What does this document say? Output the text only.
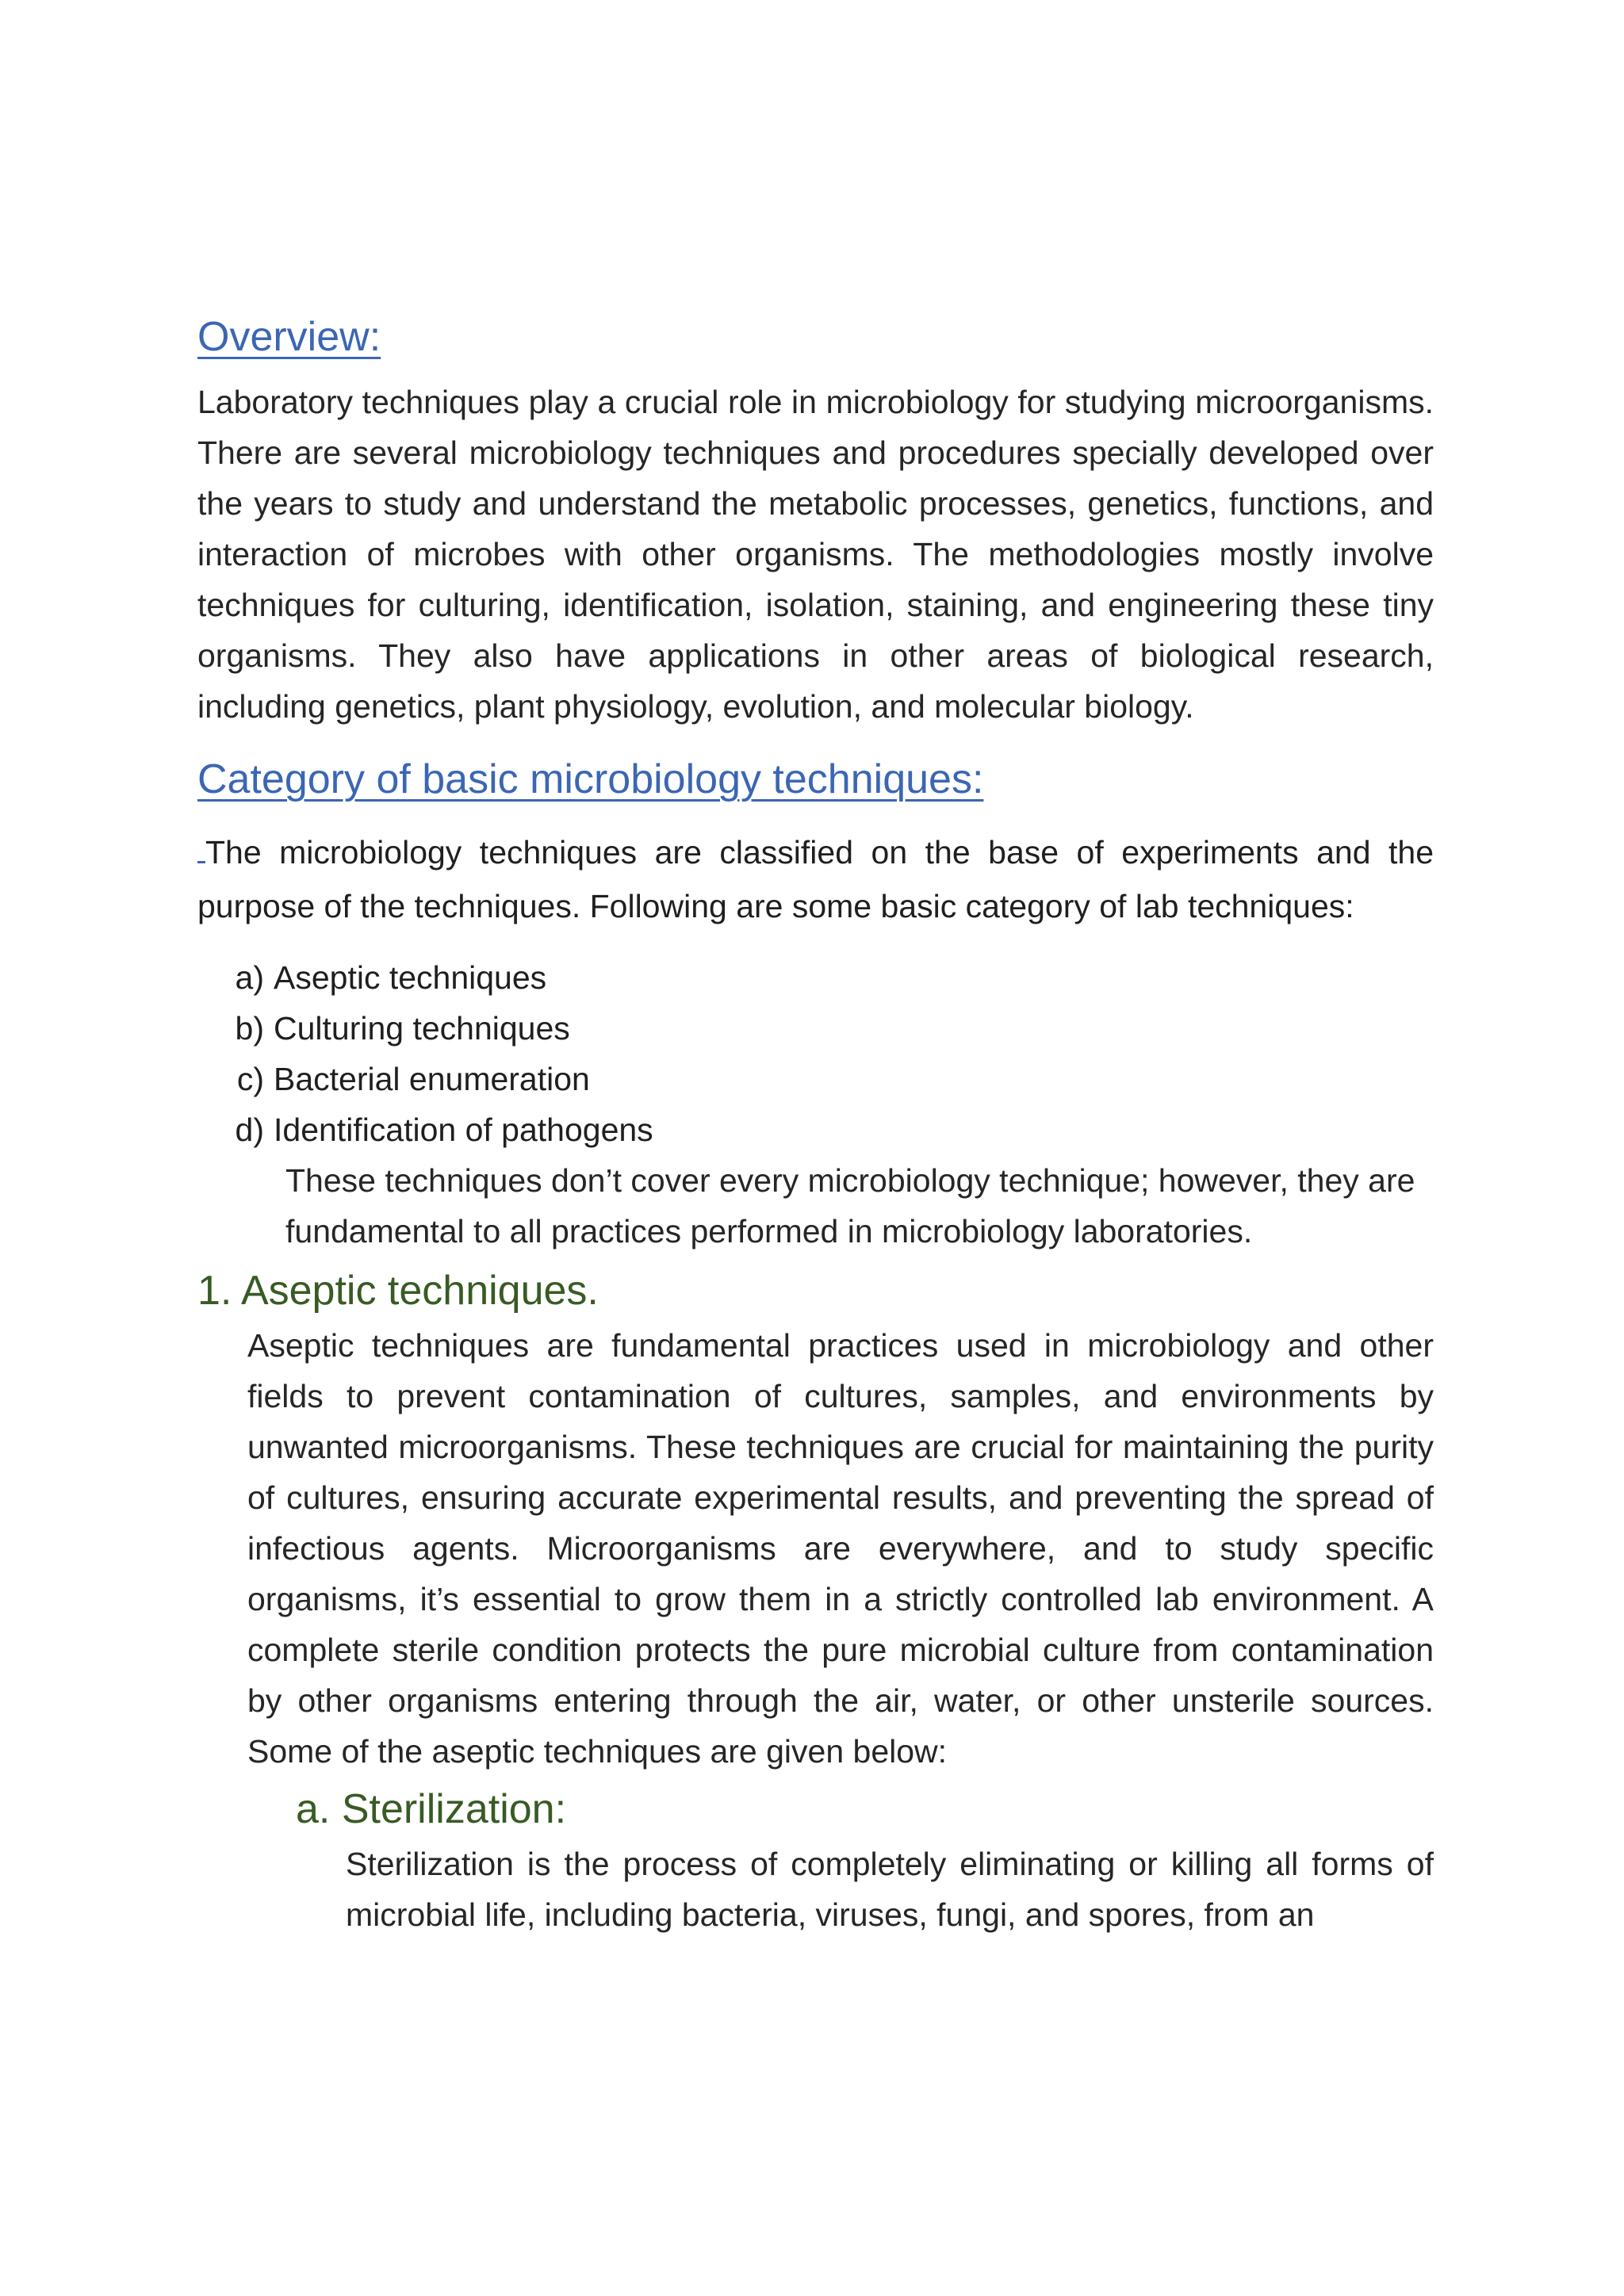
Overview:

Laboratory techniques play a crucial role in microbiology for studying microorganisms. There are several microbiology techniques and procedures specially developed over the years to study and understand the metabolic processes, genetics, functions, and interaction of microbes with other organisms. The methodologies mostly involve techniques for culturing, identification, isolation, staining, and engineering these tiny organisms. They also have applications in other areas of biological research, including genetics, plant physiology, evolution, and molecular biology.

Category of basic microbiology techniques:

The microbiology techniques are classified on the base of experiments and the purpose of the techniques. Following are some basic category of lab techniques:

a) Aseptic techniques
b) Culturing techniques
c) Bacterial enumeration
d) Identification of pathogens

These techniques don’t cover every microbiology technique; however, they are fundamental to all practices performed in microbiology laboratories.

1. Aseptic techniques.

Aseptic techniques are fundamental practices used in microbiology and other fields to prevent contamination of cultures, samples, and environments by unwanted microorganisms. These techniques are crucial for maintaining the purity of cultures, ensuring accurate experimental results, and preventing the spread of infectious agents. Microorganisms are everywhere, and to study specific organisms, it’s essential to grow them in a strictly controlled lab environment. A complete sterile condition protects the pure microbial culture from contamination by other organisms entering through the air, water, or other unsterile sources. Some of the aseptic techniques are given below:

a. Sterilization:

Sterilization is the process of completely eliminating or killing all forms of microbial life, including bacteria, viruses, fungi, and spores, from an
